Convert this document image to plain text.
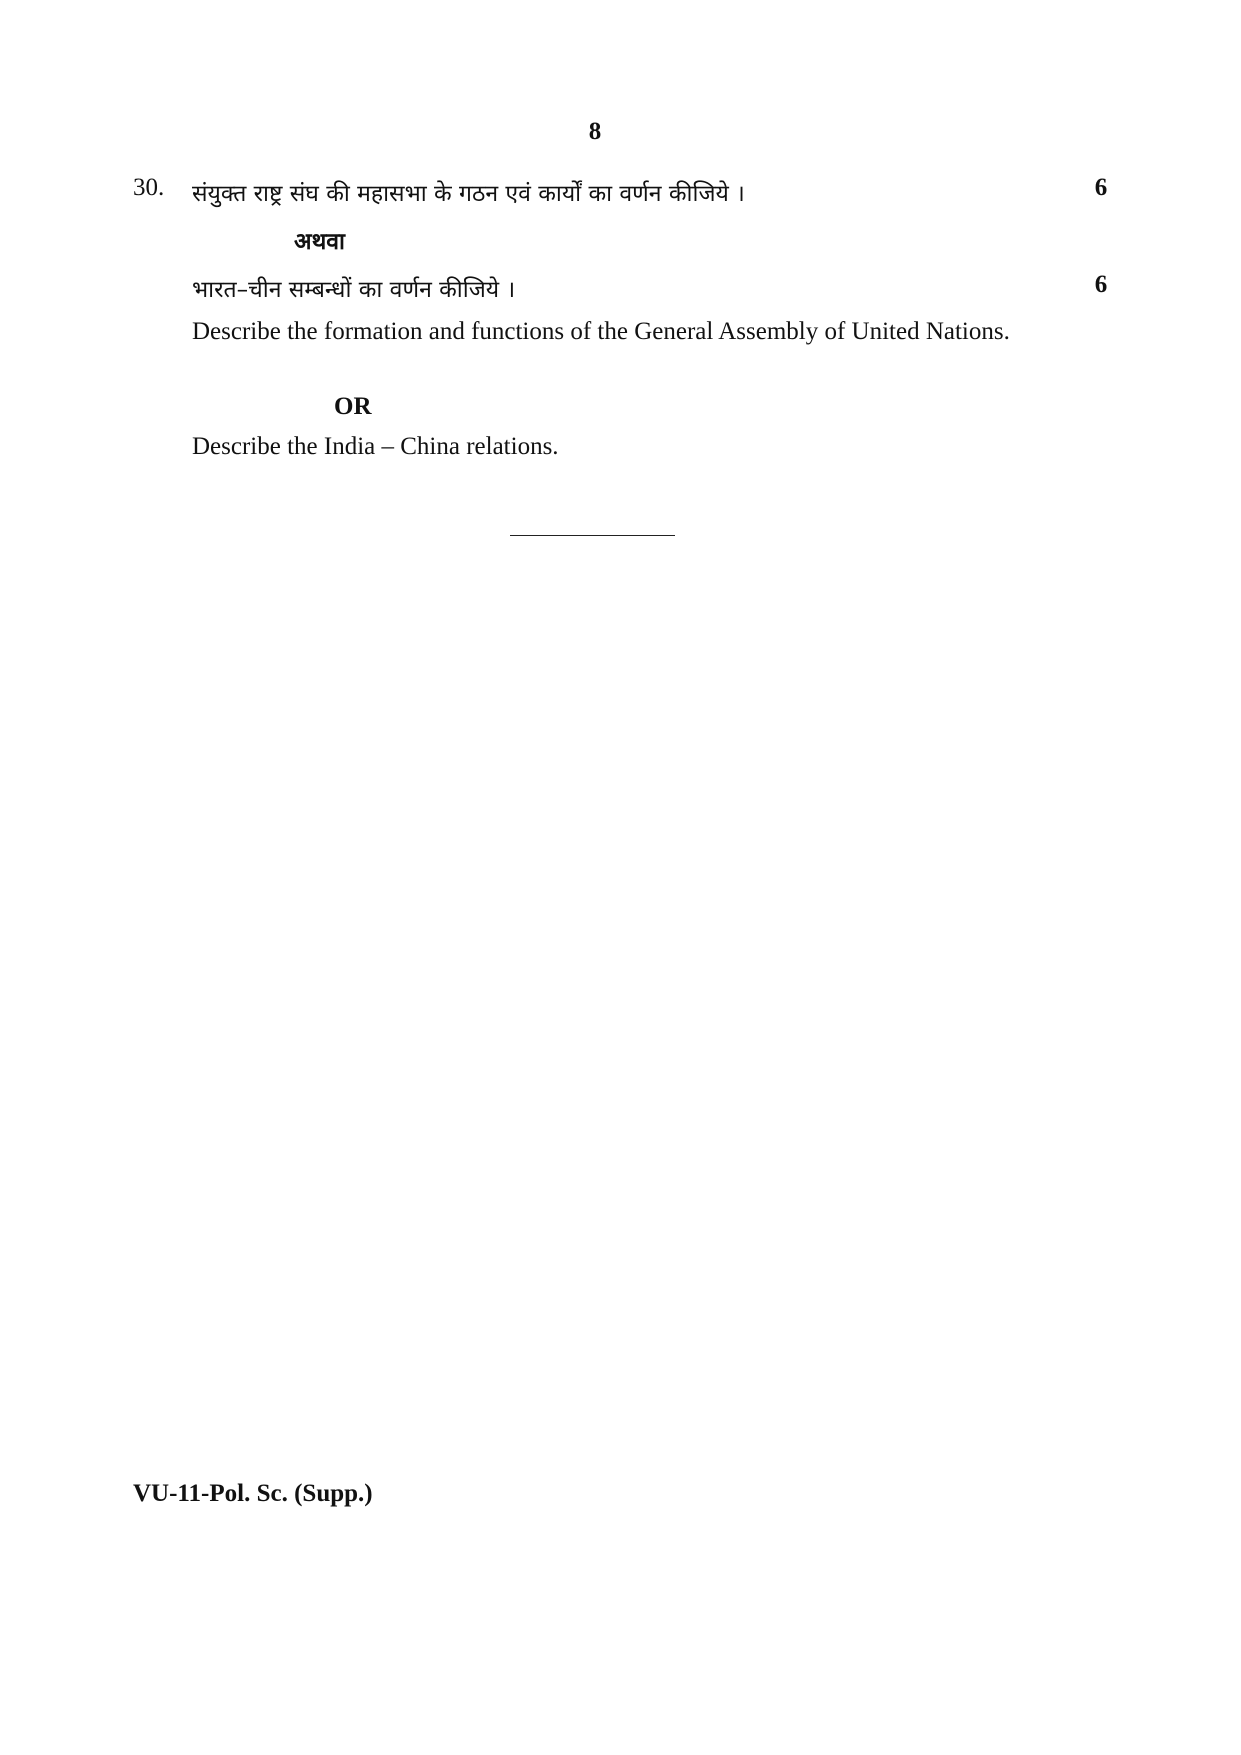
8
30. संयुक्त राष्ट्र संघ की महासभा के गठन एवं कार्यों का वर्णन कीजिये ।	6
अथवा
भारत–चीन सम्बन्धों का वर्णन कीजिये ।	6
Describe the formation and functions of the General Assembly of United Nations.
OR
Describe the India – China relations.
VU-11-Pol. Sc. (Supp.)
